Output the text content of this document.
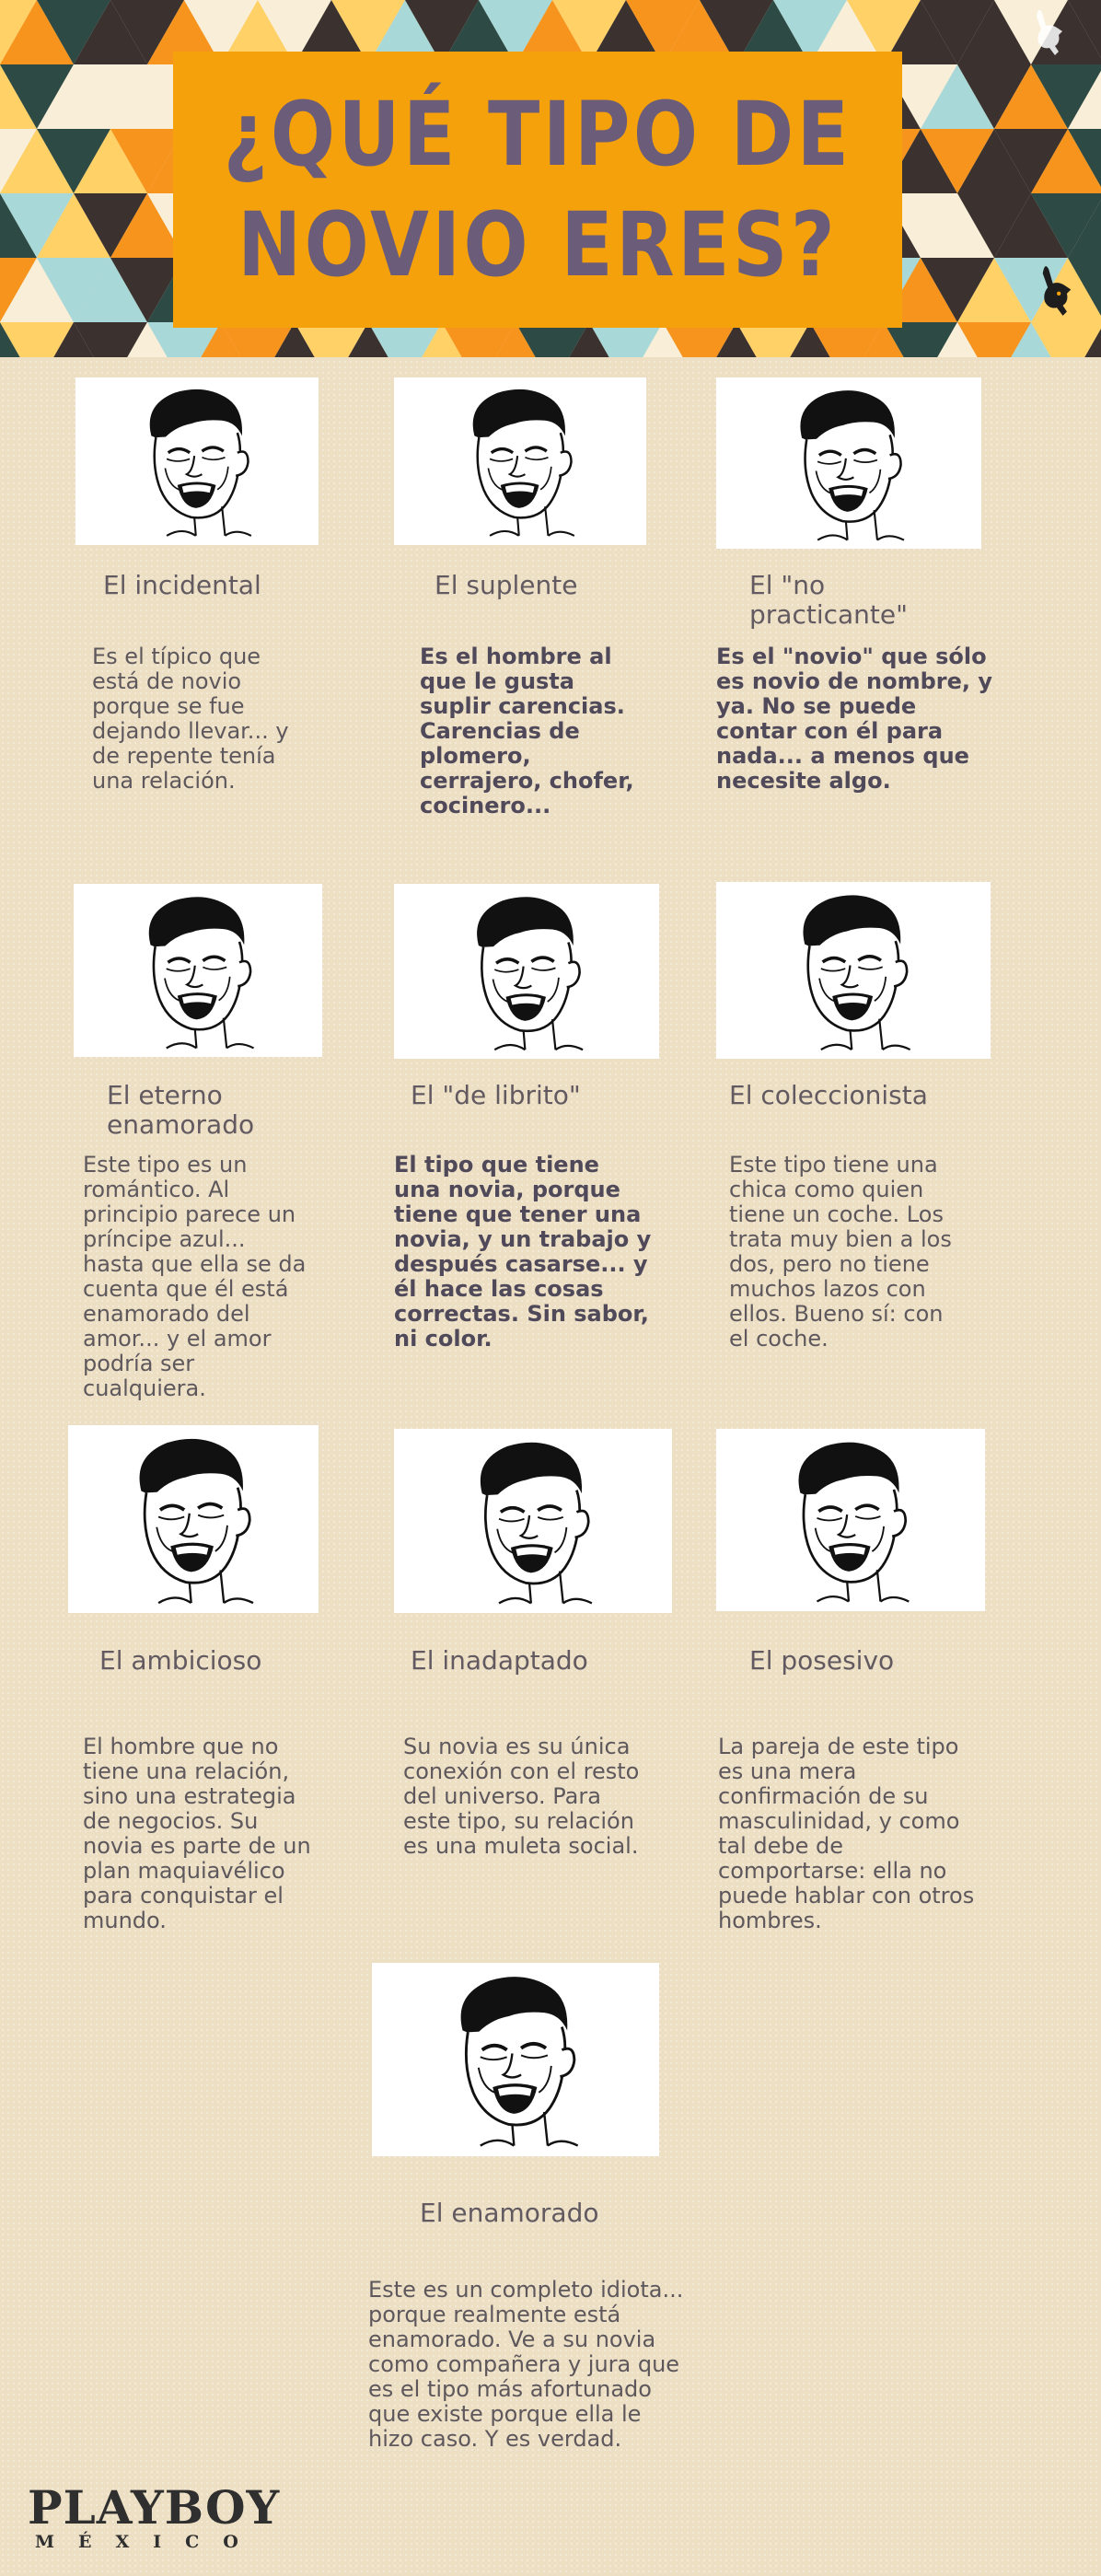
¿QUÉ TIPO DE
NOVIO ERES?
El incidental
Es el típico que está de novio porque se fue dejando llevar... y de repente tenía una relación.
El suplente
Es el hombre al que le gusta suplir carencias. Carencias de plomero, cerrajero, chofer, cocinero...
El "no practicante"
Es el "novio" que sólo es novio de nombre, y ya. No se puede contar con él para nada... a menos que necesite algo.
El eterno enamorado
Este tipo es un romántico. Al principio parece un príncipe azul... hasta que ella se da cuenta que él está enamorado del amor... y el amor podría ser cualquiera.
El "de librito"
El tipo que tiene una novia, porque tiene que tener una novia, y un trabajo y después casarse... y él hace las cosas correctas. Sin sabor, ni color.
El coleccionista
Este tipo tiene una chica como quien tiene un coche. Los trata muy bien a los dos, pero no tiene muchos lazos con ellos. Bueno sí: con el coche.
El ambicioso
El hombre que no tiene una relación, sino una estrategia de negocios. Su novia es parte de un plan maquiavélico para conquistar el mundo.
El inadaptado
Su novia es su única conexión con el resto del universo. Para este tipo, su relación es una muleta social.
El posesivo
La pareja de este tipo es una mera confirmación de su masculinidad, y como tal debe de comportarse: ella no puede hablar con otros hombres.
El enamorado
Este es un completo idiota... porque realmente está enamorado. Ve a su novia como compañera y jura que es el tipo más afortunado que existe porque ella le hizo caso. Y es verdad.
PLAYBOY
MÉXICO
